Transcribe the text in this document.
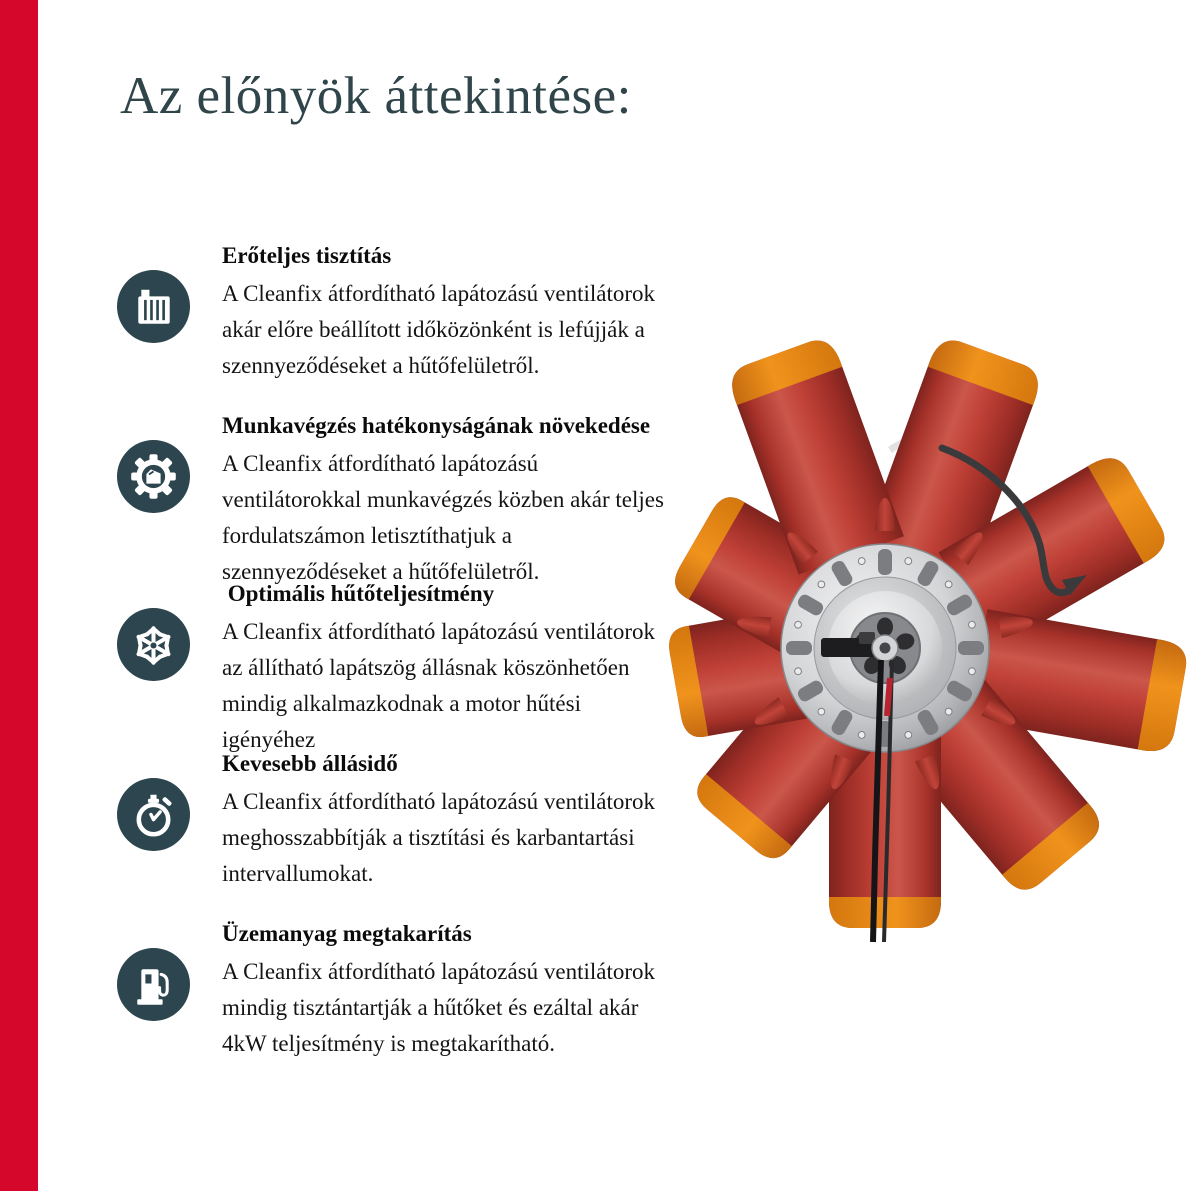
Az előnyök áttekintése:
Erőteljes tisztítás

A Cleanfix átfordítható lapátozású ventilátorok akár előre beállított időközönként is lefújják a szennyeződéseket a hűtőfelületről.

Munkavégzés hatékonyságának növekedése

A Cleanfix átfordítható lapátozású ventilátorokkal munkavégzés közben akár teljes fordulatszámon letisztíthatjuk a szennyeződéseket a hűtőfelületről.

Optimális hűtőteljesítmény

A Cleanfix átfordítható lapátozású ventilátorok az állítható lapátszög állásnak köszönhetően mindig alkalmazkodnak a motor hűtési igényéhez

Kevesebb állásidő

A Cleanfix átfordítható lapátozású ventilátorok meghosszabbítják a tisztítási és karbantartási intervallumokat.

Üzemanyag megtakarítás

A Cleanfix átfordítható lapátozású ventilátorok mindig tisztántartják a hűtőket és ezáltal akár 4kW teljesítmény is megtakarítható.
